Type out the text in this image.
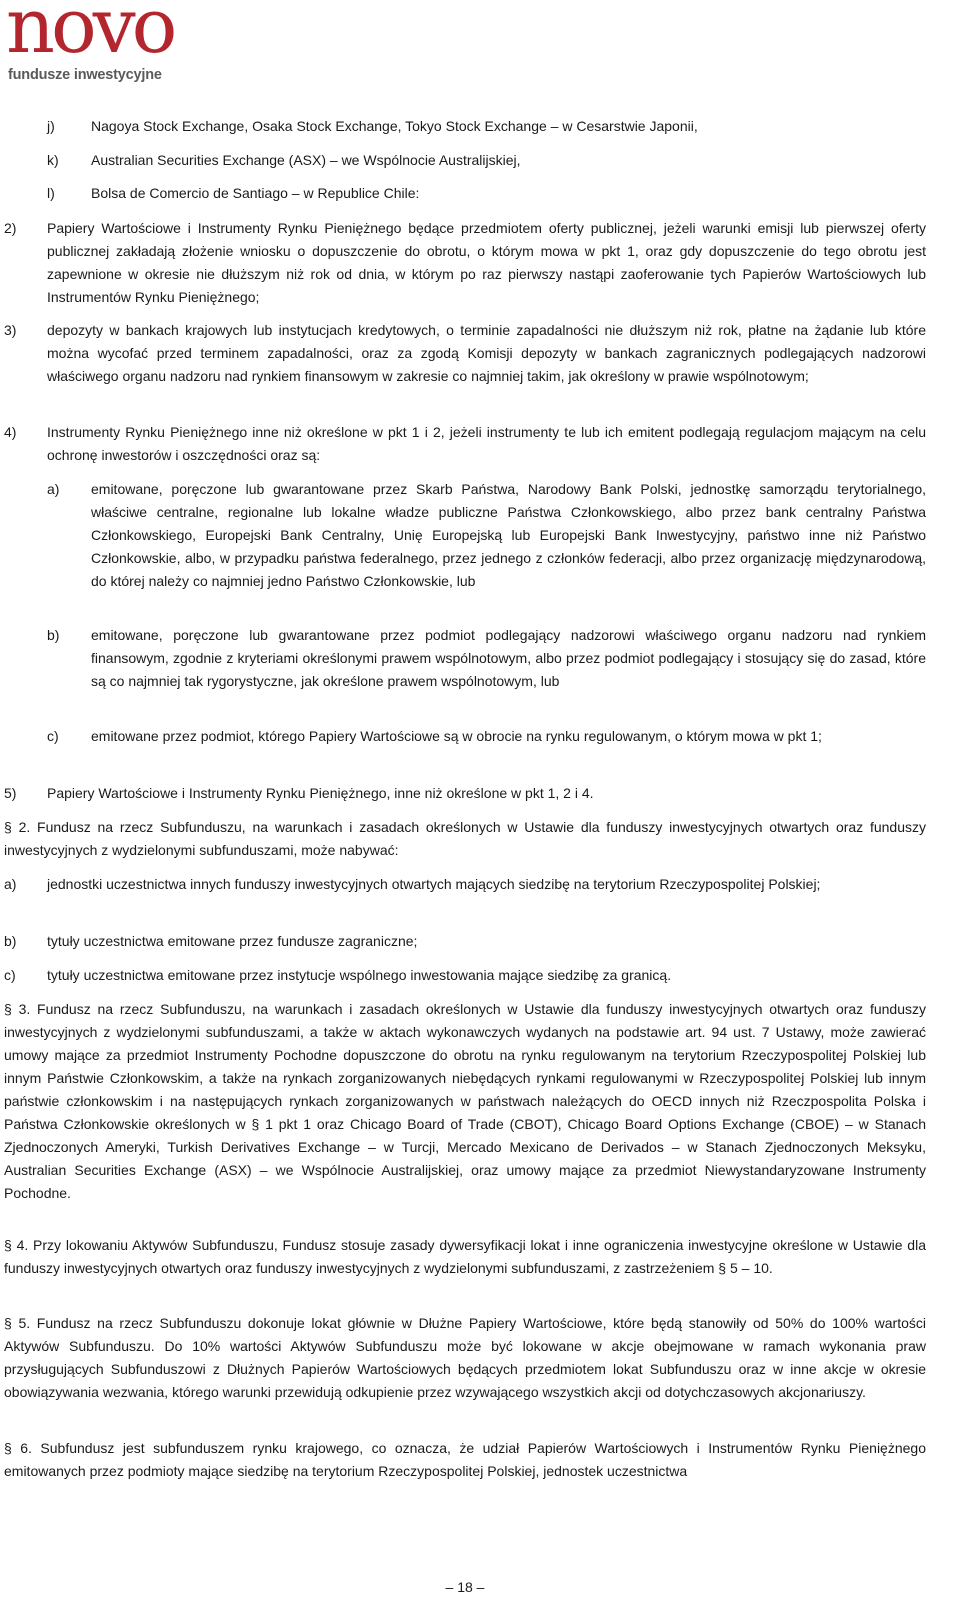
novo
fundusze inwestycyjne
j)	Nagoya Stock Exchange, Osaka Stock Exchange, Tokyo Stock Exchange – w Cesarstwie Japonii,
k) Australian Securities Exchange (ASX) – we Wspólnocie Australijskiej,
l)	Bolsa de Comercio de Santiago – w Republice Chile:
2) Papiery Wartościowe i Instrumenty Rynku Pieniężnego będące przedmiotem oferty publicznej, jeżeli warunki emisji lub pierwszej oferty publicznej zakładają złożenie wniosku o dopuszczenie do obrotu, o którym mowa w pkt 1, oraz gdy dopuszczenie do tego obrotu jest zapewnione w okresie nie dłuższym niż rok od dnia, w którym po raz pierwszy nastąpi zaoferowanie tych Papierów Wartościowych lub Instrumentów Rynku Pieniężnego;
3) depozyty w bankach krajowych lub instytucjach kredytowych, o terminie zapadalności nie dłuższym niż rok, płatne na żądanie lub które można wycofać przed terminem zapadalności, oraz za zgodą Komisji depozyty w bankach zagranicznych podlegających nadzorowi właściwego organu nadzoru nad rynkiem finansowym w zakresie co najmniej takim, jak określony w prawie wspólnotowym;
4) Instrumenty Rynku Pieniężnego inne niż określone w pkt 1 i 2, jeżeli instrumenty te lub ich emitent podlegają regulacjom mającym na celu ochronę inwestorów i oszczędności oraz są:
a) emitowane, poręczone lub gwarantowane przez Skarb Państwa, Narodowy Bank Polski, jednostkę samorządu terytorialnego, właściwe centralne, regionalne lub lokalne władze publiczne Państwa Członkowskiego, albo przez bank centralny Państwa Członkowskiego, Europejski Bank Centralny, Unię Europejską lub Europejski Bank Inwestycyjny, państwo inne niż Państwo Członkowskie, albo, w przypadku państwa federalnego, przez jednego z członków federacji, albo przez organizację międzynarodową, do której należy co najmniej jedno Państwo Członkowskie, lub
b) emitowane, poręczone lub gwarantowane przez podmiot podlegający nadzorowi właściwego organu nadzoru nad rynkiem finansowym, zgodnie z kryteriami określonymi prawem wspólnotowym, albo przez podmiot podlegający i stosujący się do zasad, które są co najmniej tak rygorystyczne, jak określone prawem wspólnotowym, lub
c) emitowane przez podmiot, którego Papiery Wartościowe są w obrocie na rynku regulowanym, o którym mowa w pkt 1;
5) Papiery Wartościowe i Instrumenty Rynku Pieniężnego, inne niż określone w pkt 1, 2 i 4.
§ 2. Fundusz na rzecz Subfunduszu, na warunkach i zasadach określonych w Ustawie dla funduszy inwestycyjnych otwartych oraz funduszy inwestycyjnych z wydzielonymi subfunduszami, może nabywać:
a) jednostki uczestnictwa innych funduszy inwestycyjnych otwartych mających siedzibę na terytorium Rzeczypospolitej Polskiej;
b) tytuły uczestnictwa emitowane przez fundusze zagraniczne;
c) tytuły uczestnictwa emitowane przez instytucje wspólnego inwestowania mające siedzibę za granicą.
§ 3. Fundusz na rzecz Subfunduszu, na warunkach i zasadach określonych w Ustawie dla funduszy inwestycyjnych otwartych oraz funduszy inwestycyjnych z wydzielonymi subfunduszami, a także w aktach wykonawczych wydanych na podstawie art. 94 ust. 7 Ustawy, może zawierać umowy mające za przedmiot Instrumenty Pochodne dopuszczone do obrotu na rynku regulowanym na terytorium Rzeczypospolitej Polskiej lub innym Państwie Członkowskim, a także na rynkach zorganizowanych niebędących rynkami regulowanymi w Rzeczypospolitej Polskiej lub innym państwie członkowskim i na następujących rynkach zorganizowanych w państwach należących do OECD innych niż Rzeczpospolita Polska i Państwa Członkowskie określonych w § 1 pkt 1 oraz Chicago Board of Trade (CBOT), Chicago Board Options Exchange (CBOE) – w Stanach Zjednoczonych Ameryki, Turkish Derivatives Exchange – w Turcji, Mercado Mexicano de Derivados – w Stanach Zjednoczonych Meksyku, Australian Securities Exchange (ASX) – we Wspólnocie Australijskiej, oraz umowy mające za przedmiot Niewystandaryzowane Instrumenty Pochodne.
§ 4. Przy lokowaniu Aktywów Subfunduszu, Fundusz stosuje zasady dywersyfikacji lokat i inne ograniczenia inwestycyjne określone w Ustawie dla funduszy inwestycyjnych otwartych oraz funduszy inwestycyjnych z wydzielonymi subfunduszami, z zastrzeżeniem § 5 – 10.
§ 5. Fundusz na rzecz Subfunduszu dokonuje lokat głównie w Dłużne Papiery Wartościowe, które będą stanowiły od 50% do 100% wartości Aktywów Subfunduszu. Do 10% wartości Aktywów Subfunduszu może być lokowane w akcje obejmowane w ramach wykonania praw przysługujących Subfunduszowi z Dłużnych Papierów Wartościowych będących przedmiotem lokat Subfunduszu oraz w inne akcje w okresie obowiązywania wezwania, którego warunki przewidują odkupienie przez wzywającego wszystkich akcji od dotychczasowych akcjonariuszy.
§ 6. Subfundusz jest subfunduszem rynku krajowego, co oznacza, że udział Papierów Wartościowych i Instrumentów Rynku Pieniężnego emitowanych przez podmioty mające siedzibę na terytorium Rzeczypospolitej Polskiej, jednostek uczestnictwa
– 18 –
